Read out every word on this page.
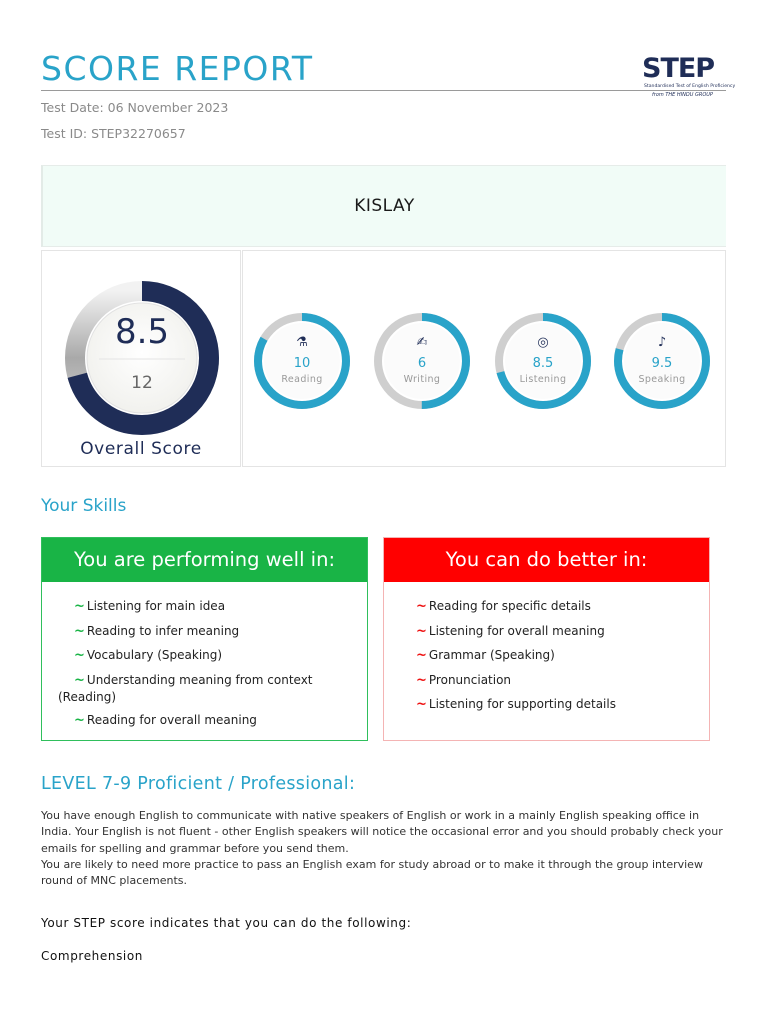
SCORE REPORT
Test Date: 06 November 2023
Test ID: STEP32270657
STEP
Standardised Test of English Proficiency
from THE HINDU GROUP
KISLAY
8.5
12
Overall Score
⚗
10
Reading
✍
6
Writing
◎
8.5
Listening
♪
9.5
Speaking
Your Skills
You are performing well in:
~ Listening for main idea
~ Reading to infer meaning
~ Vocabulary (Speaking)
~ Understanding meaning from context (Reading)
~ Reading for overall meaning
You can do better in:
~ Reading for specific details
~ Listening for overall meaning
~ Grammar (Speaking)
~ Pronunciation
~ Listening for supporting details
LEVEL 7-9 Proficient / Professional:

You have enough English to communicate with native speakers of English or work in a mainly English speaking office in India. Your English is not fluent - other English speakers will notice the occasional error and you should probably check your emails for spelling and grammar before you send them.

You are likely to need more practice to pass an English exam for study abroad or to make it through the group interview round of MNC placements.

Your STEP score indicates that you can do the following:
Comprehension
